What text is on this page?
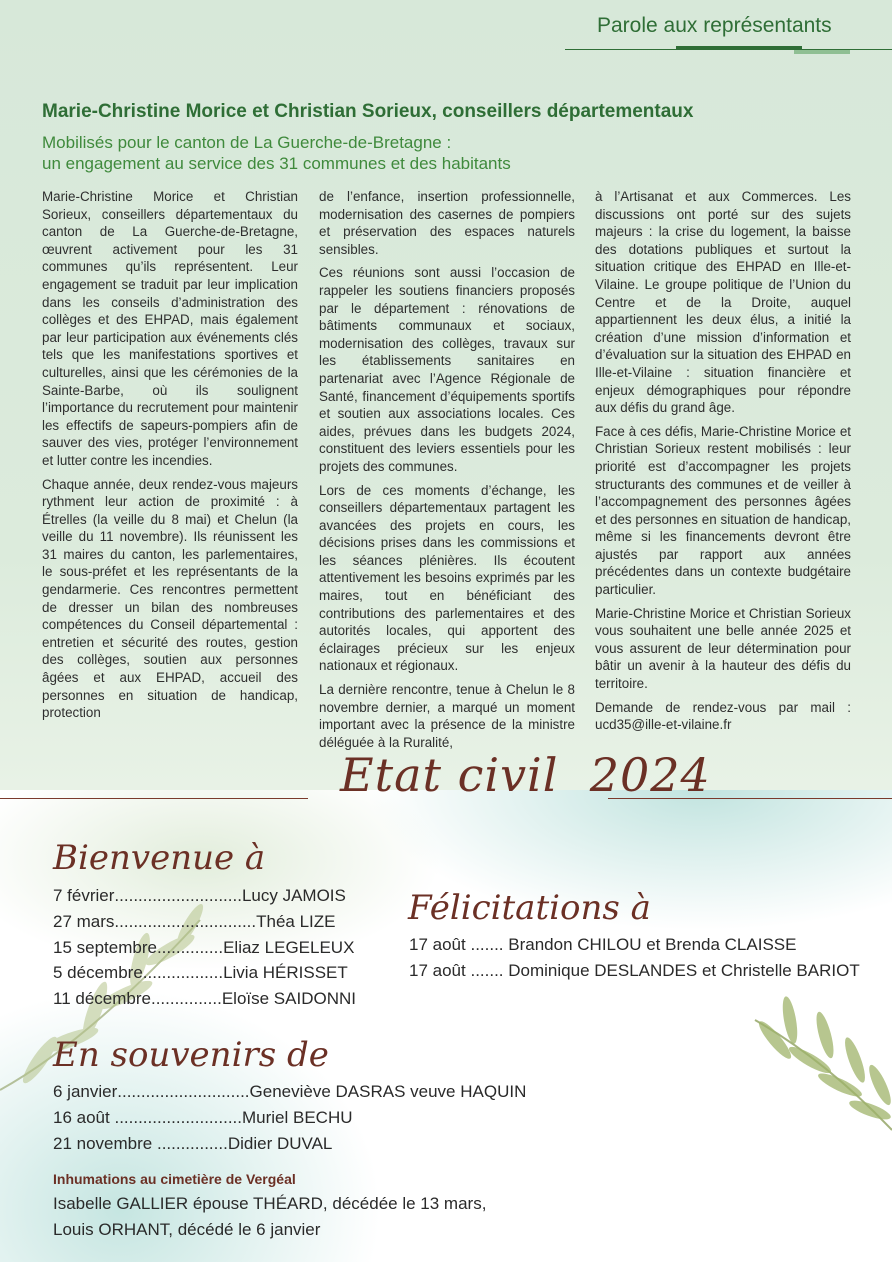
Parole aux représentants
Marie-Christine Morice et Christian Sorieux, conseillers départementaux
Mobilisés pour le canton de La Guerche-de-Bretagne :
un engagement au service des 31 communes et des habitants

Marie-Christine Morice et Christian Sorieux, conseillers départementaux du canton de La Guerche-de-Bretagne, œuvrent activement pour les 31 communes qu’ils représentent. Leur engagement se traduit par leur implication dans les conseils d’administration des collèges et des EHPAD, mais également par leur participation aux événements clés tels que les manifestations sportives et culturelles, ainsi que les cérémonies de la Sainte-Barbe, où ils soulignent l’importance du recrutement pour maintenir les effectifs de sapeurs-pompiers afin de sauver des vies, protéger l’environnement et lutter contre les incendies.

Chaque année, deux rendez-vous majeurs rythment leur action de proximité : à Étrelles (la veille du 8 mai) et Chelun (la veille du 11 novembre). Ils réunissent les 31 maires du canton, les parlementaires, le sous-préfet et les représentants de la gendarmerie. Ces rencontres permettent de dresser un bilan des nombreuses compétences du Conseil départemental : entretien et sécurité des routes, gestion des collèges, soutien aux personnes âgées et aux EHPAD, accueil des personnes en situation de handicap, protection

de l’enfance, insertion professionnelle, modernisation des casernes de pompiers et préservation des espaces naturels sensibles.

Ces réunions sont aussi l’occasion de rappeler les soutiens financiers proposés par le département : rénovations de bâtiments communaux et sociaux, modernisation des collèges, travaux sur les établissements sanitaires en partenariat avec l’Agence Régionale de Santé, financement d’équipements sportifs et soutien aux associations locales. Ces aides, prévues dans les budgets 2024, constituent des leviers essentiels pour les projets des communes.

Lors de ces moments d’échange, les conseillers départementaux partagent les avancées des projets en cours, les décisions prises dans les commissions et les séances plénières. Ils écoutent attentivement les besoins exprimés par les maires, tout en bénéficiant des contributions des parlementaires et des autorités locales, qui apportent des éclairages précieux sur les enjeux nationaux et régionaux.

La dernière rencontre, tenue à Chelun le 8 novembre dernier, a marqué un moment important avec la présence de la ministre déléguée à la Ruralité,

à l’Artisanat et aux Commerces. Les discussions ont porté sur des sujets majeurs : la crise du logement, la baisse des dotations publiques et surtout la situation critique des EHPAD en Ille-et-Vilaine. Le groupe politique de l’Union du Centre et de la Droite, auquel appartiennent les deux élus, a initié la création d’une mission d’information et d’évaluation sur la situation des EHPAD en Ille-et-Vilaine : situation financière et enjeux démographiques pour répondre aux défis du grand âge.

Face à ces défis, Marie-Christine Morice et Christian Sorieux restent mobilisés : leur priorité est d’accompagner les projets structurants des communes et de veiller à l’accompagnement des personnes âgées et des personnes en situation de handicap, même si les financements devront être ajustés par rapport aux années précédentes dans un contexte budgétaire particulier.

Marie-Christine Morice et Christian Sorieux vous souhaitent une belle année 2025 et vous assurent de leur détermination pour bâtir un avenir à la hauteur des défis du territoire.

Demande de rendez-vous par mail : ucd35@ille-et-vilaine.fr

Etat civil 2024
Bienvenue à
Félicitations à
En souvenirs de
7 février ........................... Lucy JAMOIS
27 mars .............................. Théa LIZE
15 septembre .............. Eliaz LEGELEUX
5 décembre ................. Livia HÉRISSET
11 décembre ............... Eloïse SAIDONNI
17 août
.......
Brandon CHILOU et Brenda CLAISSE
17 août
.......
Dominique DESLANDES et Christelle BARIOT
6 janvier ............................ Geneviève DASRAS veuve HAQUIN
16 août
........................... Muriel BECHU
21 novembre
............... Didier DUVAL
Inhumations au cimetière de Vergéal
Isabelle GALLIER épouse THÉARD, décédée le 13 mars,
Louis ORHANT, décédé le 6 janvier
